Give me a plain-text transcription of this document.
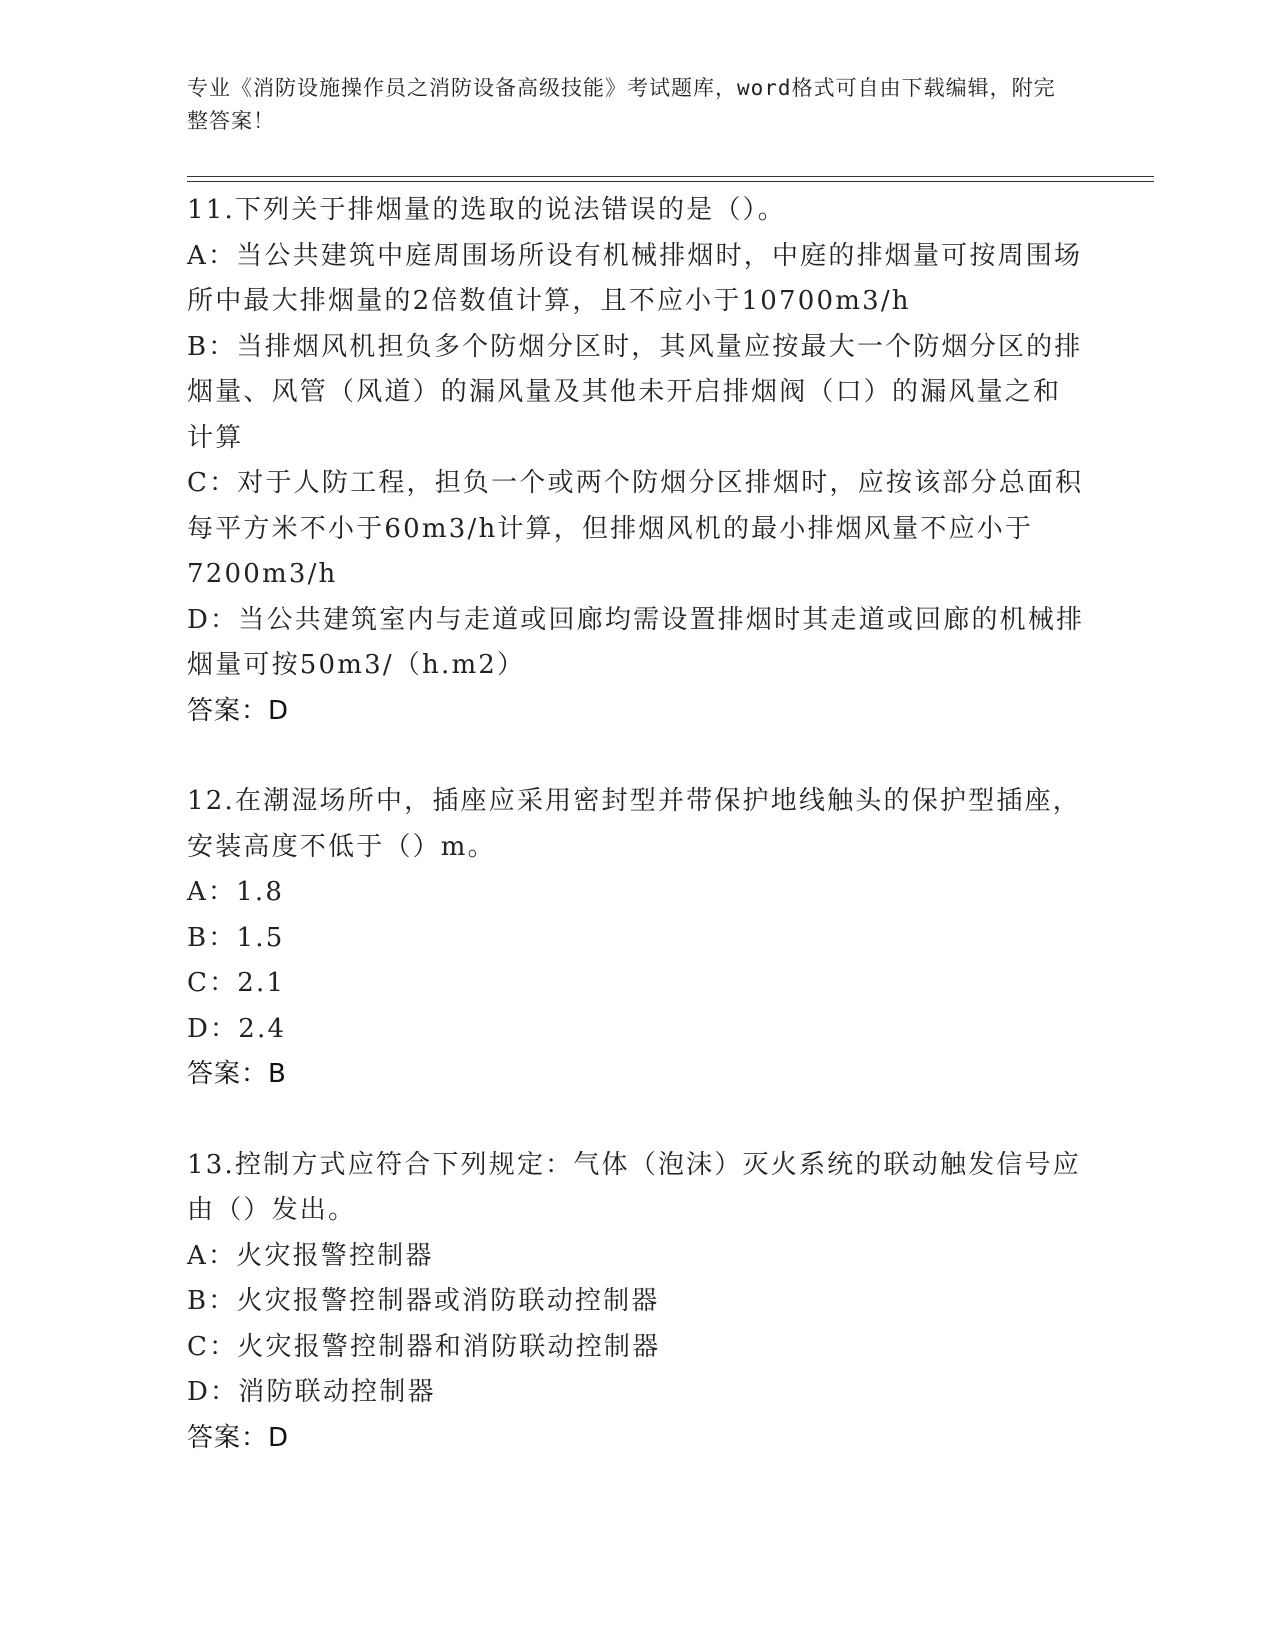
专业《消防设施操作员之消防设备高级技能》考试题库，word格式可自由下载编辑，附完整答案！
11.下列关于排烟量的选取的说法错误的是（）。
A：当公共建筑中庭周围场所设有机械排烟时，中庭的排烟量可按周围场所中最大排烟量的2倍数值计算，且不应小于10700m3/h
B：当排烟风机担负多个防烟分区时，其风量应按最大一个防烟分区的排烟量、风管（风道）的漏风量及其他未开启排烟阀（口）的漏风量之和计算
C：对于人防工程，担负一个或两个防烟分区排烟时，应按该部分总面积每平方米不小于60m3/h计算，但排烟风机的最小排烟风量不应小于7200m3/h
D：当公共建筑室内与走道或回廊均需设置排烟时其走道或回廊的机械排烟量可按50m3/（h.m2）
答案：D
12.在潮湿场所中，插座应采用密封型并带保护地线触头的保护型插座，安装高度不低于（）m。
A：1.8
B：1.5
C：2.1
D：2.4
答案：B
13.控制方式应符合下列规定：气体（泡沫）灭火系统的联动触发信号应由（）发出。
A：火灾报警控制器
B：火灾报警控制器或消防联动控制器
C：火灾报警控制器和消防联动控制器
D：消防联动控制器
答案：D
